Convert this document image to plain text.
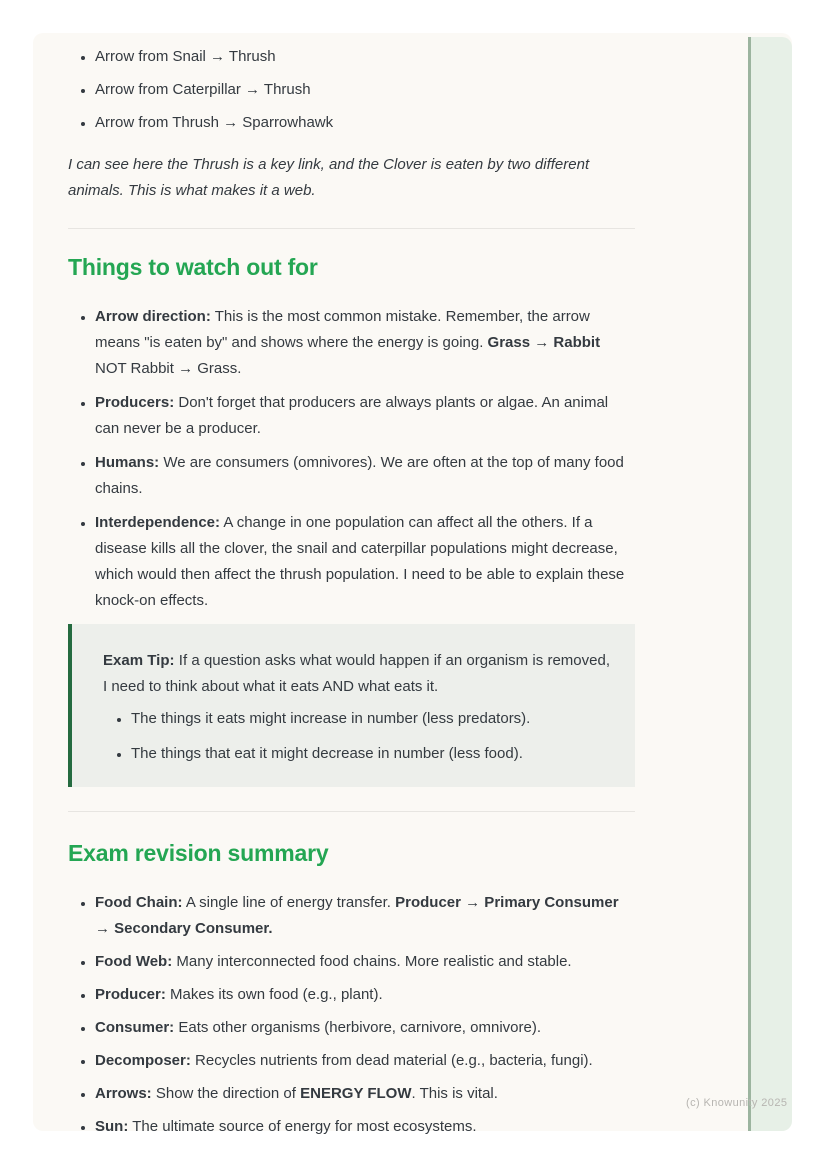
• Arrow from Snail → Thrush
• Arrow from Caterpillar → Thrush
• Arrow from Thrush → Sparrowhawk

I can see here the Thrush is a key link, and the Clover is eaten by two different animals. This is what makes it a web.

Things to watch out for
• Arrow direction: This is the most common mistake. Remember, the arrow means "is eaten by" and shows where the energy is going. Grass → Rabbit NOT Rabbit → Grass.
• Producers: Don't forget that producers are always plants or algae. An animal can never be a producer.
• Humans: We are consumers (omnivores). We are often at the top of many food chains.
• Interdependence: A change in one population can affect all the others. If a disease kills all the clover, the snail and caterpillar populations might decrease, which would then affect the thrush population. I need to be able to explain these knock-on effects.

Exam Tip: If a question asks what would happen if an organism is removed, I need to think about what it eats AND what eats it.

• The things it eats might increase in number (less predators).
• The things that eat it might decrease in number (less food).
Exam revision summary
• Food Chain: A single line of energy transfer. Producer → Primary Consumer → Secondary Consumer.
• Food Web: Many interconnected food chains. More realistic and stable.
• Producer: Makes its own food (e.g., plant).
• Consumer: Eats other organisms (herbivore, carnivore, omnivore).
• Decomposer: Recycles nutrients from dead material (e.g., bacteria, fungi).
• Arrows: Show the direction of ENERGY FLOW. This is vital.
• Sun: The ultimate source of energy for most ecosystems.
(c) Knowunity 2025
